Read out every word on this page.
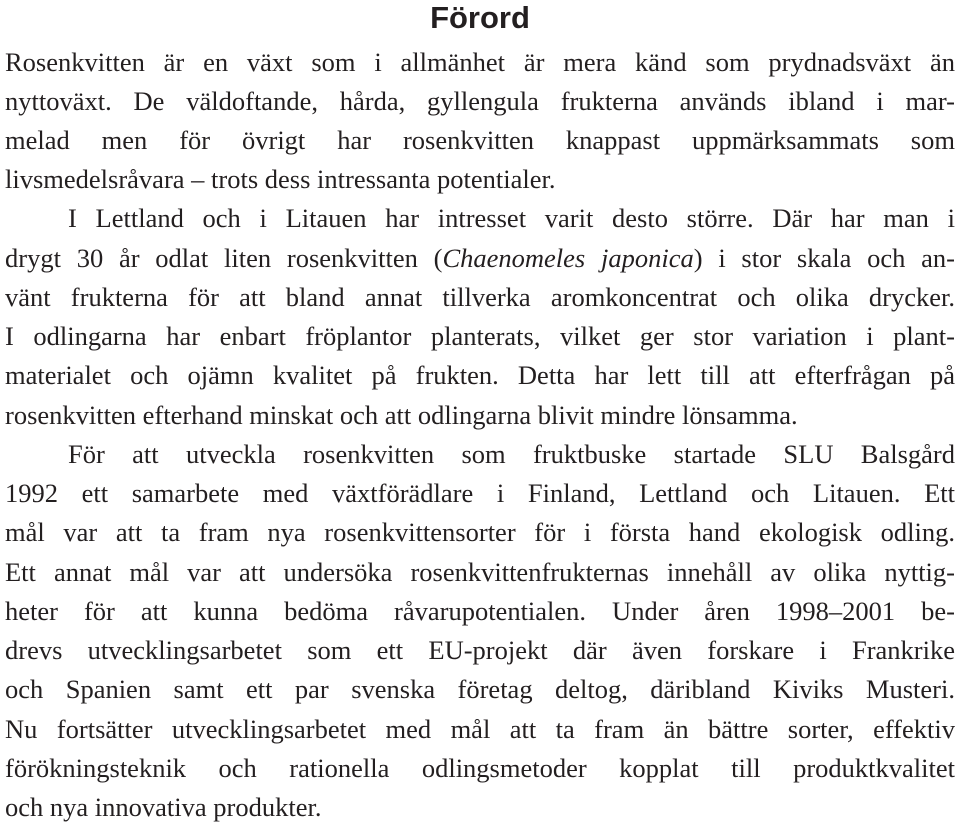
Förord
Rosenkvitten är en växt som i allmänhet är mera känd som prydnadsväxt än
nyttoväxt. De väldoftande, hårda, gyllengula frukterna används ibland i mar-
melad men för övrigt har rosenkvitten knappast uppmärksammats som
livsmedelsråvara – trots dess intressanta potentialer.
I Lettland och i Litauen har intresset varit desto större. Där har man i
drygt 30 år odlat liten rosenkvitten (Chaenomeles japonica) i stor skala och an-
vänt frukterna för att bland annat tillverka aromkoncentrat och olika drycker.
I odlingarna har enbart fröplantor planterats, vilket ger stor variation i plant-
materialet och ojämn kvalitet på frukten. Detta har lett till att efterfrågan på
rosenkvitten efterhand minskat och att odlingarna blivit mindre lönsamma.
För att utveckla rosenkvitten som fruktbuske startade SLU Balsgård
1992 ett samarbete med växtförädlare i Finland, Lettland och Litauen. Ett
mål var att ta fram nya rosenkvittensorter för i första hand ekologisk odling.
Ett annat mål var att undersöka rosenkvittenfrukternas innehåll av olika nyttig-
heter för att kunna bedöma råvarupotentialen. Under åren 1998–2001 be-
drevs utvecklingsarbetet som ett EU-projekt där även forskare i Frankrike
och Spanien samt ett par svenska företag deltog, däribland Kiviks Musteri.
Nu fortsätter utvecklingsarbetet med mål att ta fram än bättre sorter, effektiv
förökningsteknik och rationella odlingsmetoder kopplat till produktkvalitet
och nya innovativa produkter.
